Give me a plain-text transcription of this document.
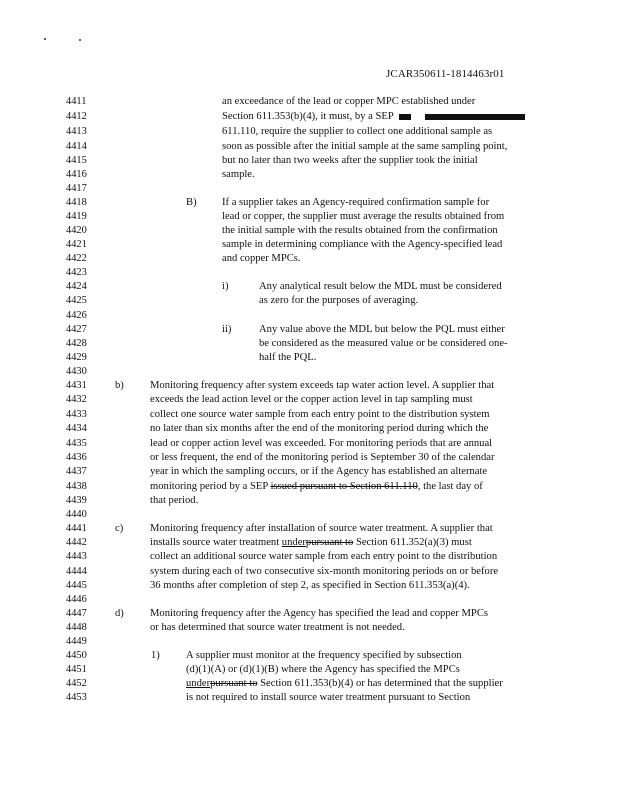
JCAR350611-1814463r01
4411
4412
4413
4414
4415
4416
4417
4418
4419
4420
4421
4422
4423
4424
4425
4426
4427
4428
4429
4430
4431
4432
4433
4434
4435
4436
4437
4438
4439
4440
4441
4442
4443
4444
4445
4446
4447
4448
4449
4450
4451
4452
4453
an exceedance of the lead or copper MPC established under
Section 611.353(b)(4), it must, by a SEP
611.110, require the supplier to collect one additional sample as
soon as possible after the initial sample at the same sampling point,
but no later than two weeks after the supplier took the initial
sample.
B) If a supplier takes an Agency-required confirmation sample for
lead or copper, the supplier must average the results obtained from
the initial sample with the results obtained from the confirmation
sample in determining compliance with the Agency-specified lead
and copper MPCs.
i)	Any analytical result below the MDL must be considered
as zero for the purposes of averaging.
ii)	Any value above the MDL but below the PQL must either
be considered as the measured value or be considered one-
half the PQL.
b) Monitoring frequency after system exceeds tap water action level. A supplier that
exceeds the lead action level or the copper action level in tap sampling must
collect one source water sample from each entry point to the distribution system
no later than six months after the end of the monitoring period during which the
lead or copper action level was exceeded. For monitoring periods that are annual
or less frequent, the end of the monitoring period is September 30 of the calendar
year in which the sampling occurs, or if the Agency has established an alternate
monitoring period by a SEP issued pursuant to Section 611.110, the last day of
that period.
c)	Monitoring frequency after installation of source water treatment. A supplier that
installs source water treatment underpursuant to Section 611.352(a)(3) must
collect an additional source water sample from each entry point to the distribution
system during each of two consecutive six-month monitoring periods on or before
36 months after completion of step 2, as specified in Section 611.353(a)(4).
d) Monitoring frequency after the Agency has specified the lead and copper MPCs
or has determined that source water treatment is not needed.
1) A supplier must monitor at the frequency specified by subsection
(d)(1)(A) or (d)(1)(B) where the Agency has specified the MPCs
underpursuant to Section 611.353(b)(4) or has determined that the supplier
is not required to install source water treatment pursuant to Section
